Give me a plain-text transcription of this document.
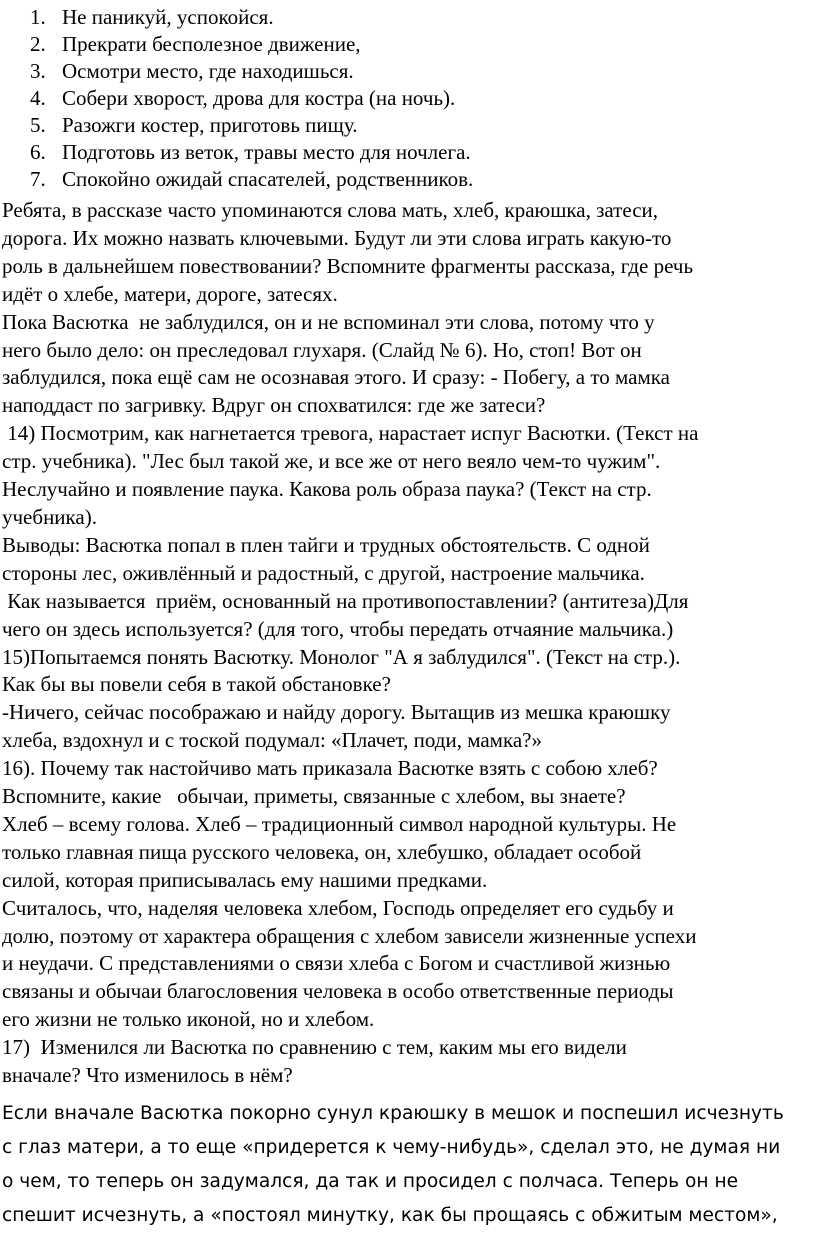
1. Не паникуй, успокойся.
2. Прекрати бесполезное движение,
3. Осмотри место, где находишься.
4. Собери хворост, дрова для костра (на ночь).
5. Разожги костер, приготовь пищу.
6. Подготовь из веток, травы место для ночлега.
7. Спокойно ожидай спасателей, родственников.

Ребята, в рассказе часто упоминаются слова мать, хлеб, краюшка, затеси,

дорога. Их можно назвать ключевыми. Будут ли эти слова играть какую-то

роль в дальнейшем повествовании? Вспомните фрагменты рассказа, где речь

идёт о хлебе, матери, дороге, затесях.

Пока Васютка  не заблудился, он и не вспоминал эти слова, потому что у

него было дело: он преследовал глухаря. (Слайд № 6). Но, стоп! Вот он

заблудился, пока ещё сам не осознавая этого. И сразу: - Побегу, а то мамка

наподдаст по загривку. Вдруг он спохватился: где же затеси?

14) Посмотрим, как нагнетается тревога, нарастает испуг Васютки. (Текст на

стр. учебника). "Лес был такой же, и все же от него веяло чем-то чужим".

Неслучайно и появление паука. Какова роль образа паука? (Текст на стр.

учебника).

Выводы: Васютка попал в плен тайги и трудных обстоятельств. С одной

стороны лес, оживлённый и радостный, с другой, настроение мальчика.

Как называется  приём, основанный на противопоставлении? (антитеза)Для

чего он здесь используется? (для того, чтобы передать отчаяние мальчика.)

15)Попытаемся понять Васютку. Монолог "А я заблудился". (Текст на стр.).

Как бы вы повели себя в такой обстановке?

-Ничего, сейчас посображ​аю и найду дорогу. Вытащив из мешка краюшку

хлеба, вздохнул и с тоской подумал: «Плачет, поди, мамка?»

16). Почему так настойчиво мать приказала Васютке взять с собою хлеб?

Вспомните, какие   обычаи, приметы, связанные с хлебом, вы знаете?

Хлеб – всему голова. Хлеб – традиционный символ народной культуры. Не

только главная пища русского человека, он, хлебушко, обладает особой

силой, которая приписывалась ему нашими предками.

Считалось, что, наделяя человека хлебом, Господь определяет его судьбу и

долю, поэтому от характера обращения с хлебом зависели жизненные успехи

и неудачи. С представлениями о связи хлеба с Богом и счастливой жизнью

связаны и обычаи благословения человека в особо ответственные периоды

его жизни не только иконой, но и хлебом.

17)  Изменился ли Васютка по сравнению с тем, каким мы его видели

вначале? Что изменилось в нём?

Если вначале Васютка покорно сунул краюшку в мешок и поспешил исчезнуть

с глаз матери, а то еще «придерется к чему-нибудь», сделал это, не думая ни

о чем, то теперь он задумался, да так и просидел с полчаса. Теперь он не

спешит исчезнуть, а «постоял минутку, как бы прощаясь с обжитым местом»,
